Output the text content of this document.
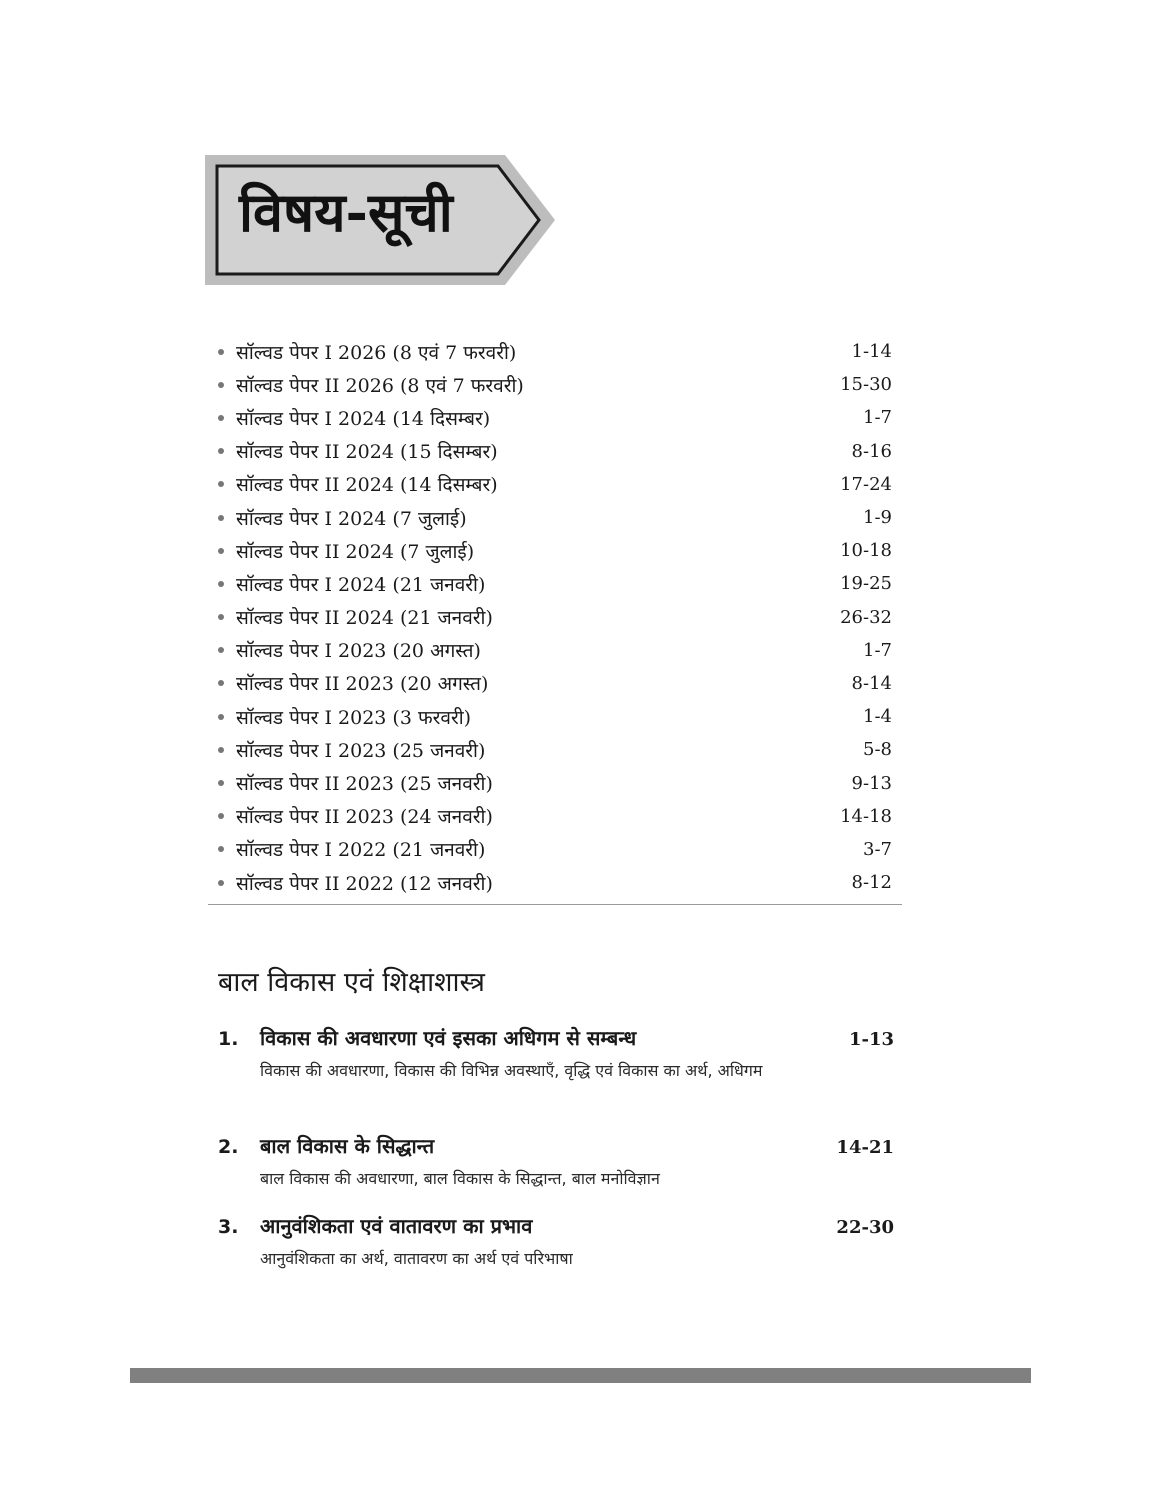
विषय-सूची
सॉल्वड पेपर I 2026 (8 एवं 7 फरवरी)	1-14
सॉल्वड पेपर II 2026 (8 एवं 7 फरवरी)	15-30
सॉल्वड पेपर I 2024 (14 दिसम्बर)	1-7
सॉल्वड पेपर II 2024 (15 दिसम्बर)	8-16
सॉल्वड पेपर II 2024 (14 दिसम्बर)	17-24
सॉल्वड पेपर I 2024 (7 जुलाई)	1-9
सॉल्वड पेपर II 2024 (7 जुलाई)	10-18
सॉल्वड पेपर I 2024 (21 जनवरी)	19-25
सॉल्वड पेपर II 2024 (21 जनवरी)	26-32
सॉल्वड पेपर I 2023 (20 अगस्त)	1-7
सॉल्वड पेपर II 2023 (20 अगस्त)	8-14
सॉल्वड पेपर I 2023 (3 फरवरी)	1-4
सॉल्वड पेपर I 2023 (25 जनवरी)	5-8
सॉल्वड पेपर II 2023 (25 जनवरी)	9-13
सॉल्वड पेपर II 2023 (24 जनवरी)	14-18
सॉल्वड पेपर I 2022 (21 जनवरी)	3-7
सॉल्वड पेपर II 2022 (12 जनवरी)	8-12
बाल विकास एवं शिक्षाशास्त्र
1.	विकास की अवधारणा एवं इसका अधिगम से सम्बन्ध	1-13
विकास की अवधारणा, विकास की विभिन्न अवस्थाएँ, वृद्धि एवं विकास का अर्थ, अधिगम
2.	बाल विकास के सिद्धान्त	14-21
बाल विकास की अवधारणा, बाल विकास के सिद्धान्त, बाल मनोविज्ञान
3.	आनुवंशिकता एवं वातावरण का प्रभाव	22-30
आनुवंशिकता का अर्थ, वातावरण का अर्थ एवं परिभाषा
